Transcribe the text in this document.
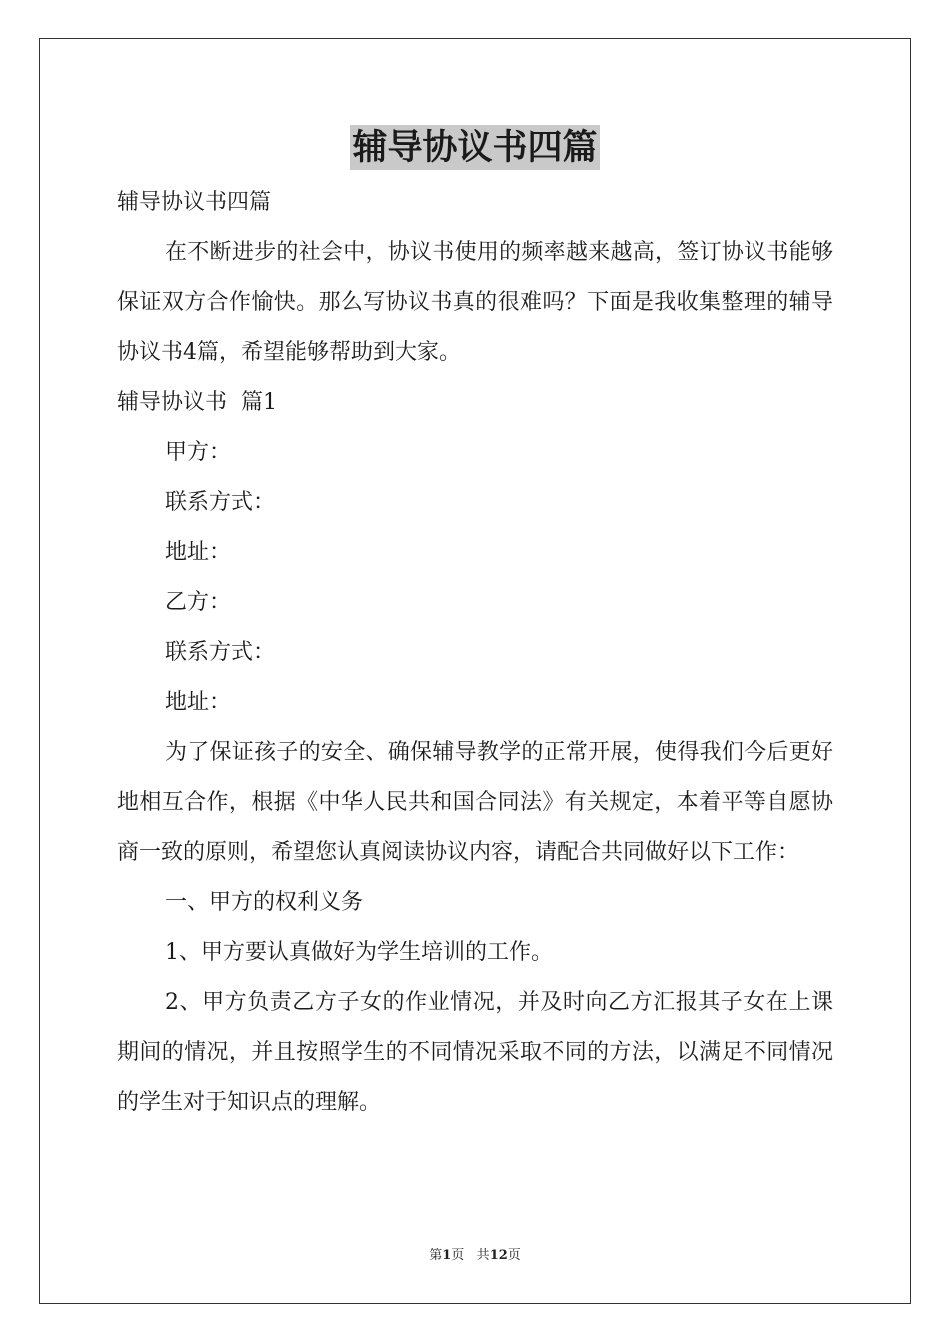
辅导协议书四篇

辅导协议书四篇

在不断进步的社会中，协议书使用的频率越来越高，签订协议书能够保证双方合作愉快。那么写协议书真的很难吗？下面是我收集整理的辅导协议书4篇，希望能够帮助到大家。

辅导协议书  篇1

甲方：

联系方式：

地址：

乙方：

联系方式：

地址：

为了保证孩子的安全、确保辅导教学的正常开展，使得我们今后更好地相互合作，根据《中华人民共和国合同法》有关规定，本着平等自愿协商一致的原则，希望您认真阅读协议内容，请配合共同做好以下工作：

一、甲方的权利义务

1、甲方要认真做好为学生培训的工作。

2、甲方负责乙方子女的作业情况，并及时向乙方汇报其子女在上课期间的情况，并且按照学生的不同情况采取不同的方法，以满足不同情况的学生对于知识点的理解。

第1页 共12页
